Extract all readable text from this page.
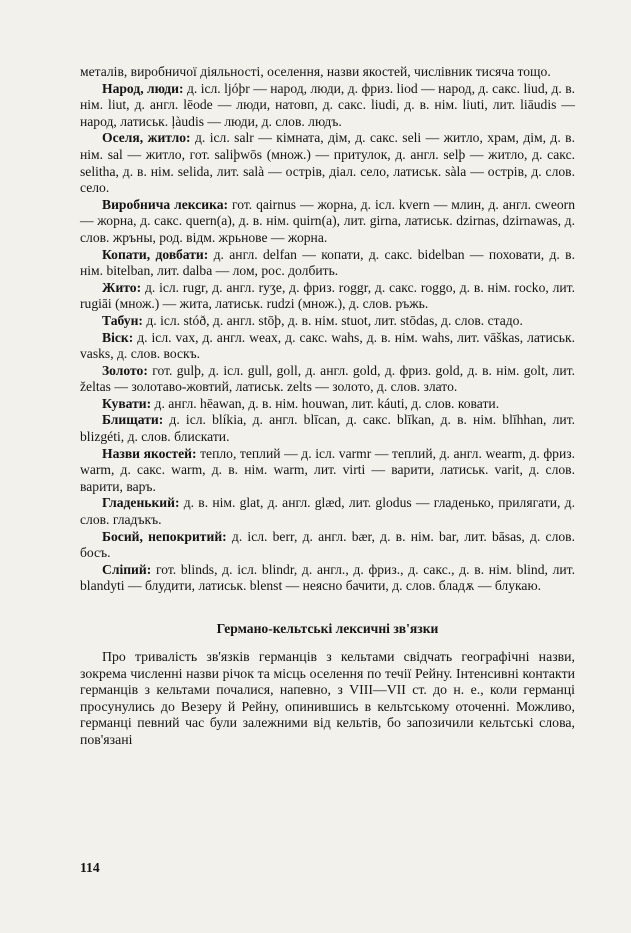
металів, виробничої діяльності, оселення, назви якостей, числівник тисяча тощо.

Народ, люди: д. ісл. ljóþr — народ, люди, д. фриз. liod — народ, д. сакс. liud, д. в. нім. liut, д. англ. lēode — люди, натовп, д. сакс. liudi, д. в. нім. liuti, лит. liāudis — народ, латиськ. ļàudis — люди, д. слов. людъ.

Оселя, житло: д. ісл. salr — кімната, дім, д. сакс. seli — житло, храм, дім, д. в. нім. sal — житло, гот. saliþwōs (множ.) — притулок, д. англ. selþ — житло, д. сакс. selitha, д. в. нім. selida, лит. salà — острів, діал. село, латиськ. sàla — острів, д. слов. село.

Виробнича лексика: гот. qairnus — жорна, д. ісл. kvern — млин, д. англ. cweorn — жорна, д. сакс. quern(a), д. в. нім. quirn(a), лит. girna, латиськ. dzirnas, dzirnawas, д. слов. жръны, род. відм. жрьнове — жорна.

Копати, довбати: д. англ. delfan — копати, д. сакс. bidelban — поховати, д. в. нім. bitelban, лит. dalba — лом, рос. долбить.

Жито: д. ісл. rugr, д. англ. ryʒe, д. фриз. roggr, д. сакс. roggo, д. в. нім. rocko, лит. rugiāi (множ.) — жита, латиськ. rudzi (множ.), д. слов. ръжь.

Табун: д. ісл. stóð, д. англ. stōþ, д. в. нім. stuot, лит. stōdas, д. слов. стадо.

Віск: д. ісл. vax, д. англ. weax, д. сакс. wahs, д. в. нім. wahs, лит. vāškas, латиськ. vasks, д. слов. воскъ.

Золото: гот. gulþ, д. ісл. gull, goll, д. англ. gold, д. фриз. gold, д. в. нім. golt, лит. želtas — золотаво-жовтий, латиськ. zelts — золото, д. слов. злато.

Кувати: д. англ. hēawan, д. в. нім. houwan, лит. káuti, д. слов. ковати.

Блищати: д. ісл. blíkia, д. англ. blīcan, д. сакс. blīkan, д. в. нім. blīhhan, лит. blizgéti, д. слов. блискати.

Назви якостей: тепло, теплий — д. ісл. varmr — теплий, д. англ. wearm, д. фриз. warm, д. сакс. warm, д. в. нім. warm, лит. virti — варити, латиськ. varit, д. слов. варити, варъ.

Гладенький: д. в. нім. glat, д. англ. glæd, лит. glodus — гладенько, прилягати, д. слов. гладъкъ.

Босий, непокритий: д. ісл. berr, д. англ. bær, д. в. нім. bar, лит. bāsas, д. слов. босъ.

Сліпий: гот. blinds, д. ісл. blindr, д. англ., д. фриз., д. сакс., д. в. нім. blind, лит. blandyti — блудити, латиськ. blenst — неясно бачити, д. слов. бладѫ — блукаю.

Германо-кельтські лексичні зв'язки

Про тривалість зв'язків германців з кельтами свідчать географічні назви, зокрема численні назви річок та місць оселення по течії Рейну. Інтенсивні контакти германців з кельтами почалися, напевно, з VIII—VII ст. до н. е., коли германці просунулись до Везеру й Рейну, опинившись в кельтському оточенні. Можливо, германці певний час були залежними від кельтів, бо запозичили кельтські слова, пов'язані

114
